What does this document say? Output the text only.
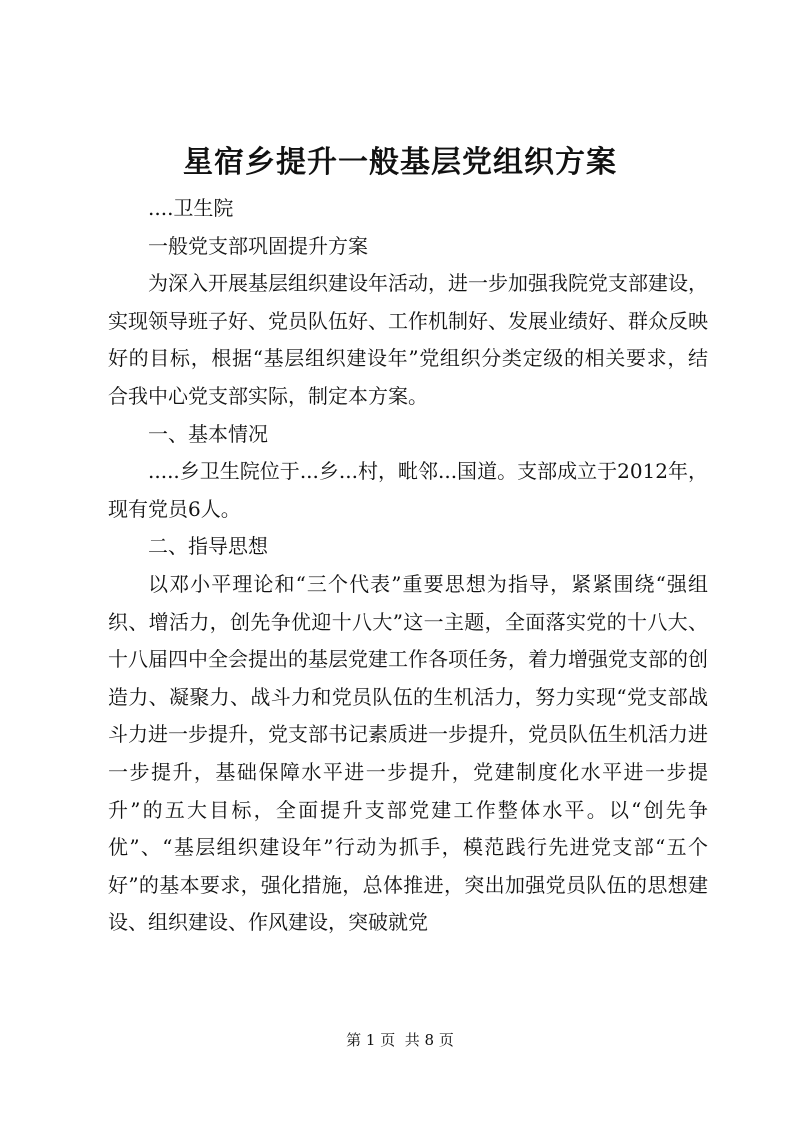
星宿乡提升一般基层党组织方案

....卫生院

一般党支部巩固提升方案

为深入开展基层组织建设年活动，进一步加强我院党支部建设，实现领导班子好、党员队伍好、工作机制好、发展业绩好、群众反映好的目标，根据“基层组织建设年”党组织分类定级的相关要求，结合我中心党支部实际，制定本方案。

一、基本情况

.....乡卫生院位于...乡...村，毗邻...国道。支部成立于2012年，现有党员6人。

二、指导思想

以邓小平理论和“三个代表”重要思想为指导，紧紧围绕“强组织、增活力，创先争优迎十八大”这一主题，全面落实党的十八大、十八届四中全会提出的基层党建工作各项任务，着力增强党支部的创造力、凝聚力、战斗力和党员队伍的生机活力，努力实现“党支部战斗力进一步提升，党支部书记素质进一步提升，党员队伍生机活力进一步提升，基础保障水平进一步提升，党建制度化水平进一步提升”的五大目标，全面提升支部党建工作整体水平。以“创先争优”、“基层组织建设年”行动为抓手，模范践行先进党支部“五个好”的基本要求，强化措施，总体推进，突出加强党员队伍的思想建设、组织建设、作风建设，突破就党

第 1 页  共 8 页
